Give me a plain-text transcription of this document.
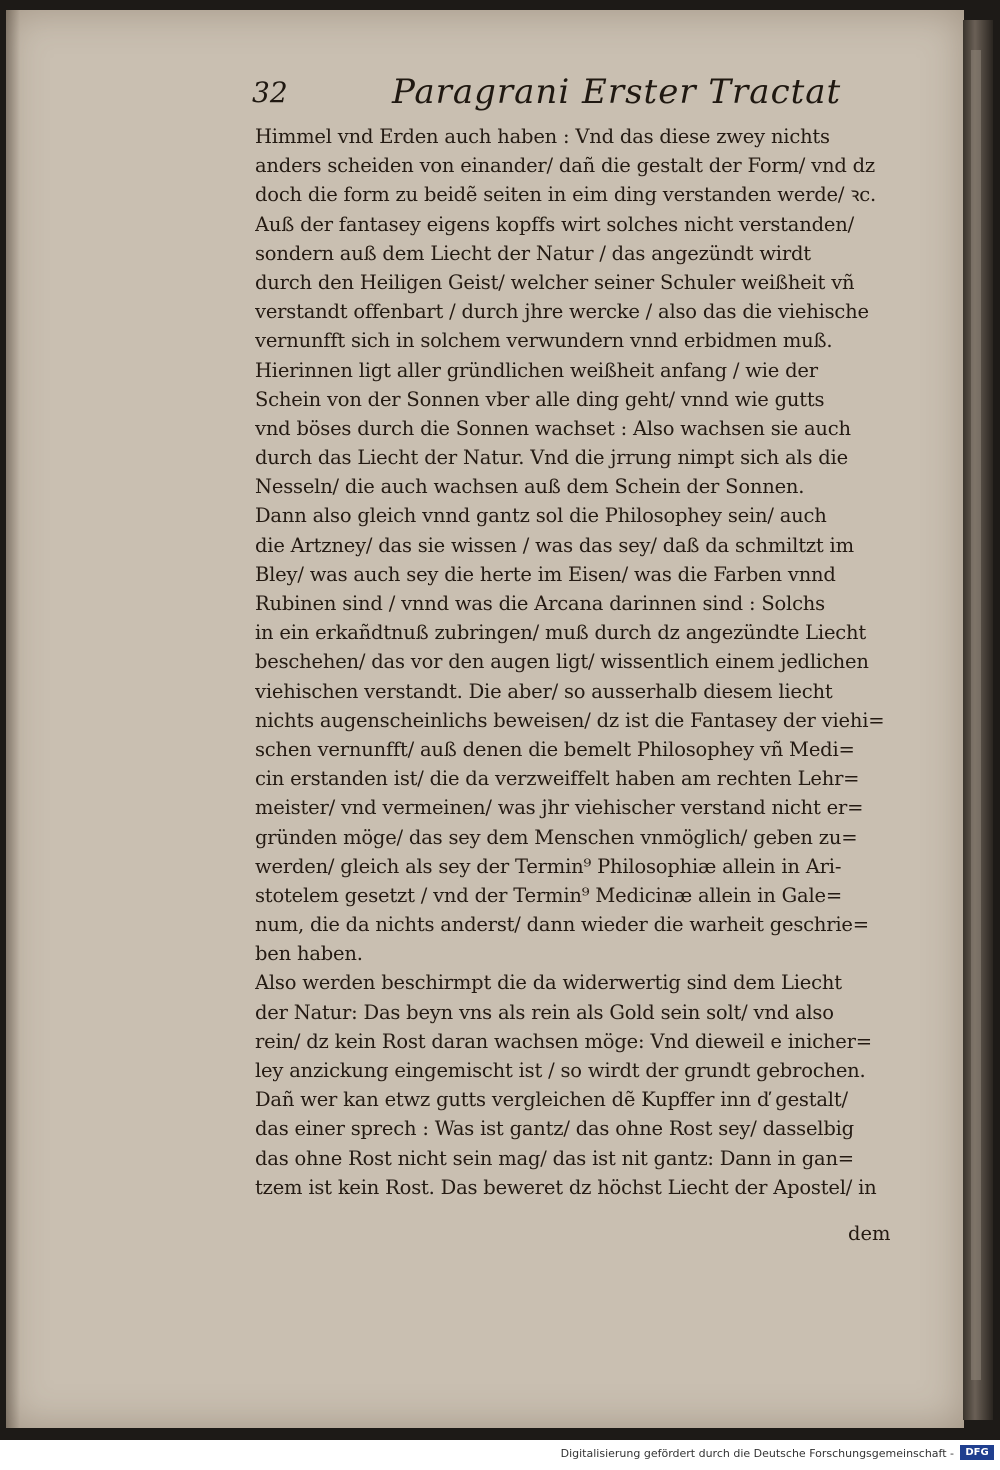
32	Paragrani Erster Tractat
Himmel vnd Erden auch haben : Vnd das diese zwey nichts
anders scheiden von einander/ dañ die gestalt der Form/ vnd dz
doch die form zu beidẽ seiten in eim ding verstanden werde/ ꝛc.
Auß der fantasey eigens kopffs wirt solches nicht verstanden/
sondern auß dem Liecht der Natur / das angezündt wirdt
durch den Heiligen Geist/ welcher seiner Schuler weißheit vñ
verstandt offenbart / durch jhre wercke / also das die viehische
vernunfft sich in solchem verwundern vnnd erbidmen muß.
Hierinnen ligt aller gründlichen weißheit anfang / wie der
Schein von der Sonnen vber alle ding geht/ vnnd wie gutts
vnd böses durch die Sonnen wachset : Also wachsen sie auch
durch das Liecht der Natur. Vnd die jrrung nimpt sich als die
Nesseln/ die auch wachsen auß dem Schein der Sonnen.
Dann also gleich vnnd gantz sol die Philosophey sein/ auch
die Artzney/ das sie wissen / was das sey/ daß da schmiltzt im
Bley/ was auch sey die herte im Eisen/ was die Farben vnnd
Rubinen sind / vnnd was die Arcana darinnen sind : Solchs
in ein erkañdtnuß zubringen/ muß durch dz angezündte Liecht
beschehen/ das vor den augen ligt/ wissentlich einem jedlichen
viehischen verstandt. Die aber/ so ausserhalb diesem liecht
nichts augenscheinlichs beweisen/ dz ist die Fantasey der viehi=
schen vernunfft/ auß denen die bemelt Philosophey vñ Medi=
cin erstanden ist/ die da verzweiffelt haben am rechten Lehr=
meister/ vnd vermeinen/ was jhr viehischer verstand nicht er=
gründen möge/ das sey dem Menschen vnmöglich/ geben zu=
werden/ gleich als sey der Termin⁹ Philosophiæ allein in Ari-
stotelem gesetzt / vnd der Termin⁹ Medicinæ allein in Gale=
num, die da nichts anderst/ dann wieder die warheit geschrie=
ben haben.
Also werden beschirmpt die da widerwertig sind dem Liecht
der Natur: Das beyn vns als rein als Gold sein solt/ vnd also
rein/ dz kein Rost daran wachsen möge: Vnd dieweil e inicher=
ley anzickung eingemischt ist / so wirdt der grundt gebrochen.
Dañ wer kan etwz gutts vergleichen dẽ Kupffer inn ď gestalt/
das einer sprech : Was ist gantz/ das ohne Rost sey/ dasselbig
das ohne Rost nicht sein mag/ das ist nit gantz: Dann in gan=
tzem ist kein Rost. Das beweret dz höchst Liecht der Apostel/ in
dem
Digitalisierung gefördert durch die Deutsche Forschungsgemeinschaft -	DFG
